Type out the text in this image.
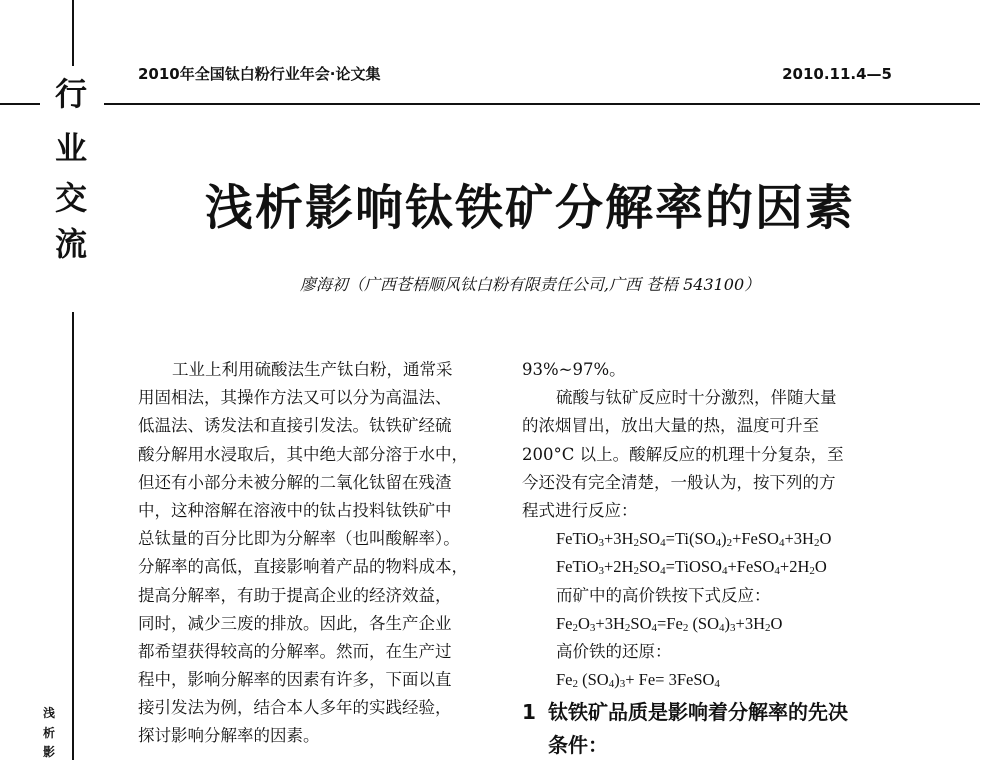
行
业
交
流
浅
析
影
2010年全国钛白粉行业年会·论文集	2010.11.4—5
浅析影响钛铁矿分解率的因素
廖海初（广西苍梧顺风钛白粉有限责任公司,广西 苍梧 543100）
工业上利用硫酸法生产钛白粉，通常采
用固相法，其操作方法又可以分为高温法、
低温法、诱发法和直接引发法。钛铁矿经硫
酸分解用水浸取后，其中绝大部分溶于水中，
但还有小部分未被分解的二氧化钛留在残渣
中，这种溶解在溶液中的钛占投料钛铁矿中
总钛量的百分比即为分解率（也叫酸解率）。
分解率的高低，直接影响着产品的物料成本，
提高分解率，有助于提高企业的经济效益，
同时，减少三废的排放。因此，各生产企业
都希望获得较高的分解率。然而，在生产过
程中，影响分解率的因素有许多，下面以直
接引发法为例，结合本人多年的实践经验，
探讨影响分解率的因素。
93%~97%。
硫酸与钛矿反应时十分激烈，伴随大量
的浓烟冒出，放出大量的热，温度可升至
200°C 以上。酸解反应的机理十分复杂，至
今还没有完全清楚，一般认为，按下列的方
程式进行反应：
$FeTiO_3+3H_2SO_4=Ti(SO_4)_2+FeSO_4+3H_2O$
$FeTiO_3+2H_2SO_4=TiOSO_4+FeSO_4+2H_2O$
而矿中的高价铁按下式反应：
$Fe_2O_3+3H_2SO_4=Fe_2$ $(SO_4)_3+3H_2O$
高价铁的还原：
$Fe_2$ $(SO_4)_3+ Fe=$ 3FeSO$_4$
1 钛铁矿品质是影响着分解率的先决
条件：
